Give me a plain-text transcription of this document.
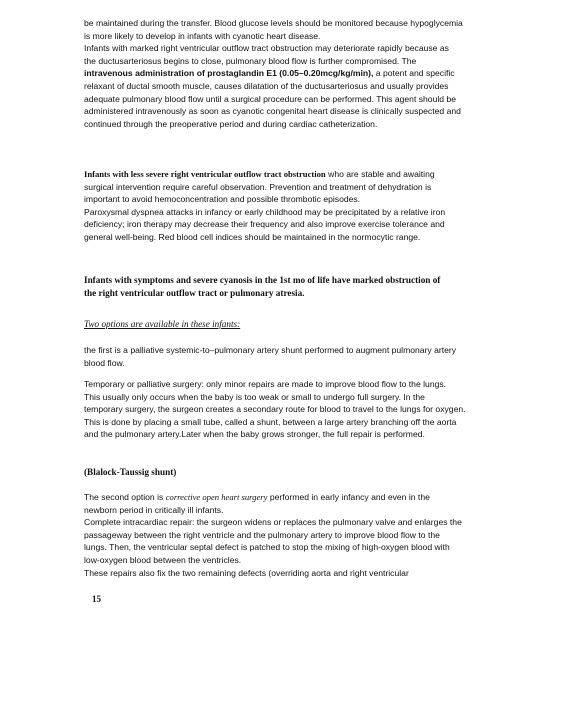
be maintained during the transfer. Blood glucose levels should be monitored because hypoglycemia

is more likely to develop in infants with cyanotic heart disease.

Infants with marked right ventricular outflow tract obstruction may deteriorate rapidly because as

the ductusarteriosus begins to close, pulmonary blood flow is further compromised. The

intravenous administration of prostaglandin E1 (0.05–0.20mcg/kg/min), a potent and specific

relaxant of ductal smooth muscle, causes dilatation of the ductusarteriosus and usually provides

adequate pulmonary blood flow until a surgical procedure can be performed. This agent should be

administered intravenously as soon as cyanotic congenital heart disease is clinically suspected and

continued through the preoperative period and during cardiac catheterization.

Infants with less severe right ventricular outflow tract obstruction who are stable and awaiting

surgical intervention require careful observation. Prevention and treatment of dehydration is

important to avoid hemoconcentration and possible thrombotic episodes.

Paroxysmal dyspnea attacks in infancy or early childhood may be precipitated by a relative iron

deficiency; iron therapy may decrease their frequency and also improve exercise tolerance and

general well-being. Red blood cell indices should be maintained in the normocytic range.

Infants with symptoms and severe cyanosis in the 1st mo of life have marked obstruction of

the right ventricular outflow tract or pulmonary atresia.

Two options are available in these infants:

the first is a palliative systemic-to–pulmonary artery shunt performed to augment pulmonary artery

blood flow.

Temporary or palliative surgery: only minor repairs are made to improve blood flow to the lungs.

This usually only occurs when the baby is too weak or small to undergo full surgery. In the

temporary surgery, the surgeon creates a secondary route for blood to travel to the lungs for oxygen.

This is done by placing a small tube, called a shunt, between a large artery branching off the aorta

and the pulmonary artery.Later when the baby grows stronger, the full repair is performed.

(Blalock-Taussig shunt)

The second option is corrective open heart surgery performed in early infancy and even in the

newborn period in critically ill infants.

Complete intracardiac repair: the surgeon widens or replaces the pulmonary valve and enlarges the

passageway between the right ventricle and the pulmonary artery to improve blood flow to the

lungs. Then, the ventricular septal defect is patched to stop the mixing of high-oxygen blood with

low-oxygen blood between the ventricles.

These repairs also fix the two remaining defects (overriding aorta and right ventricular

15
